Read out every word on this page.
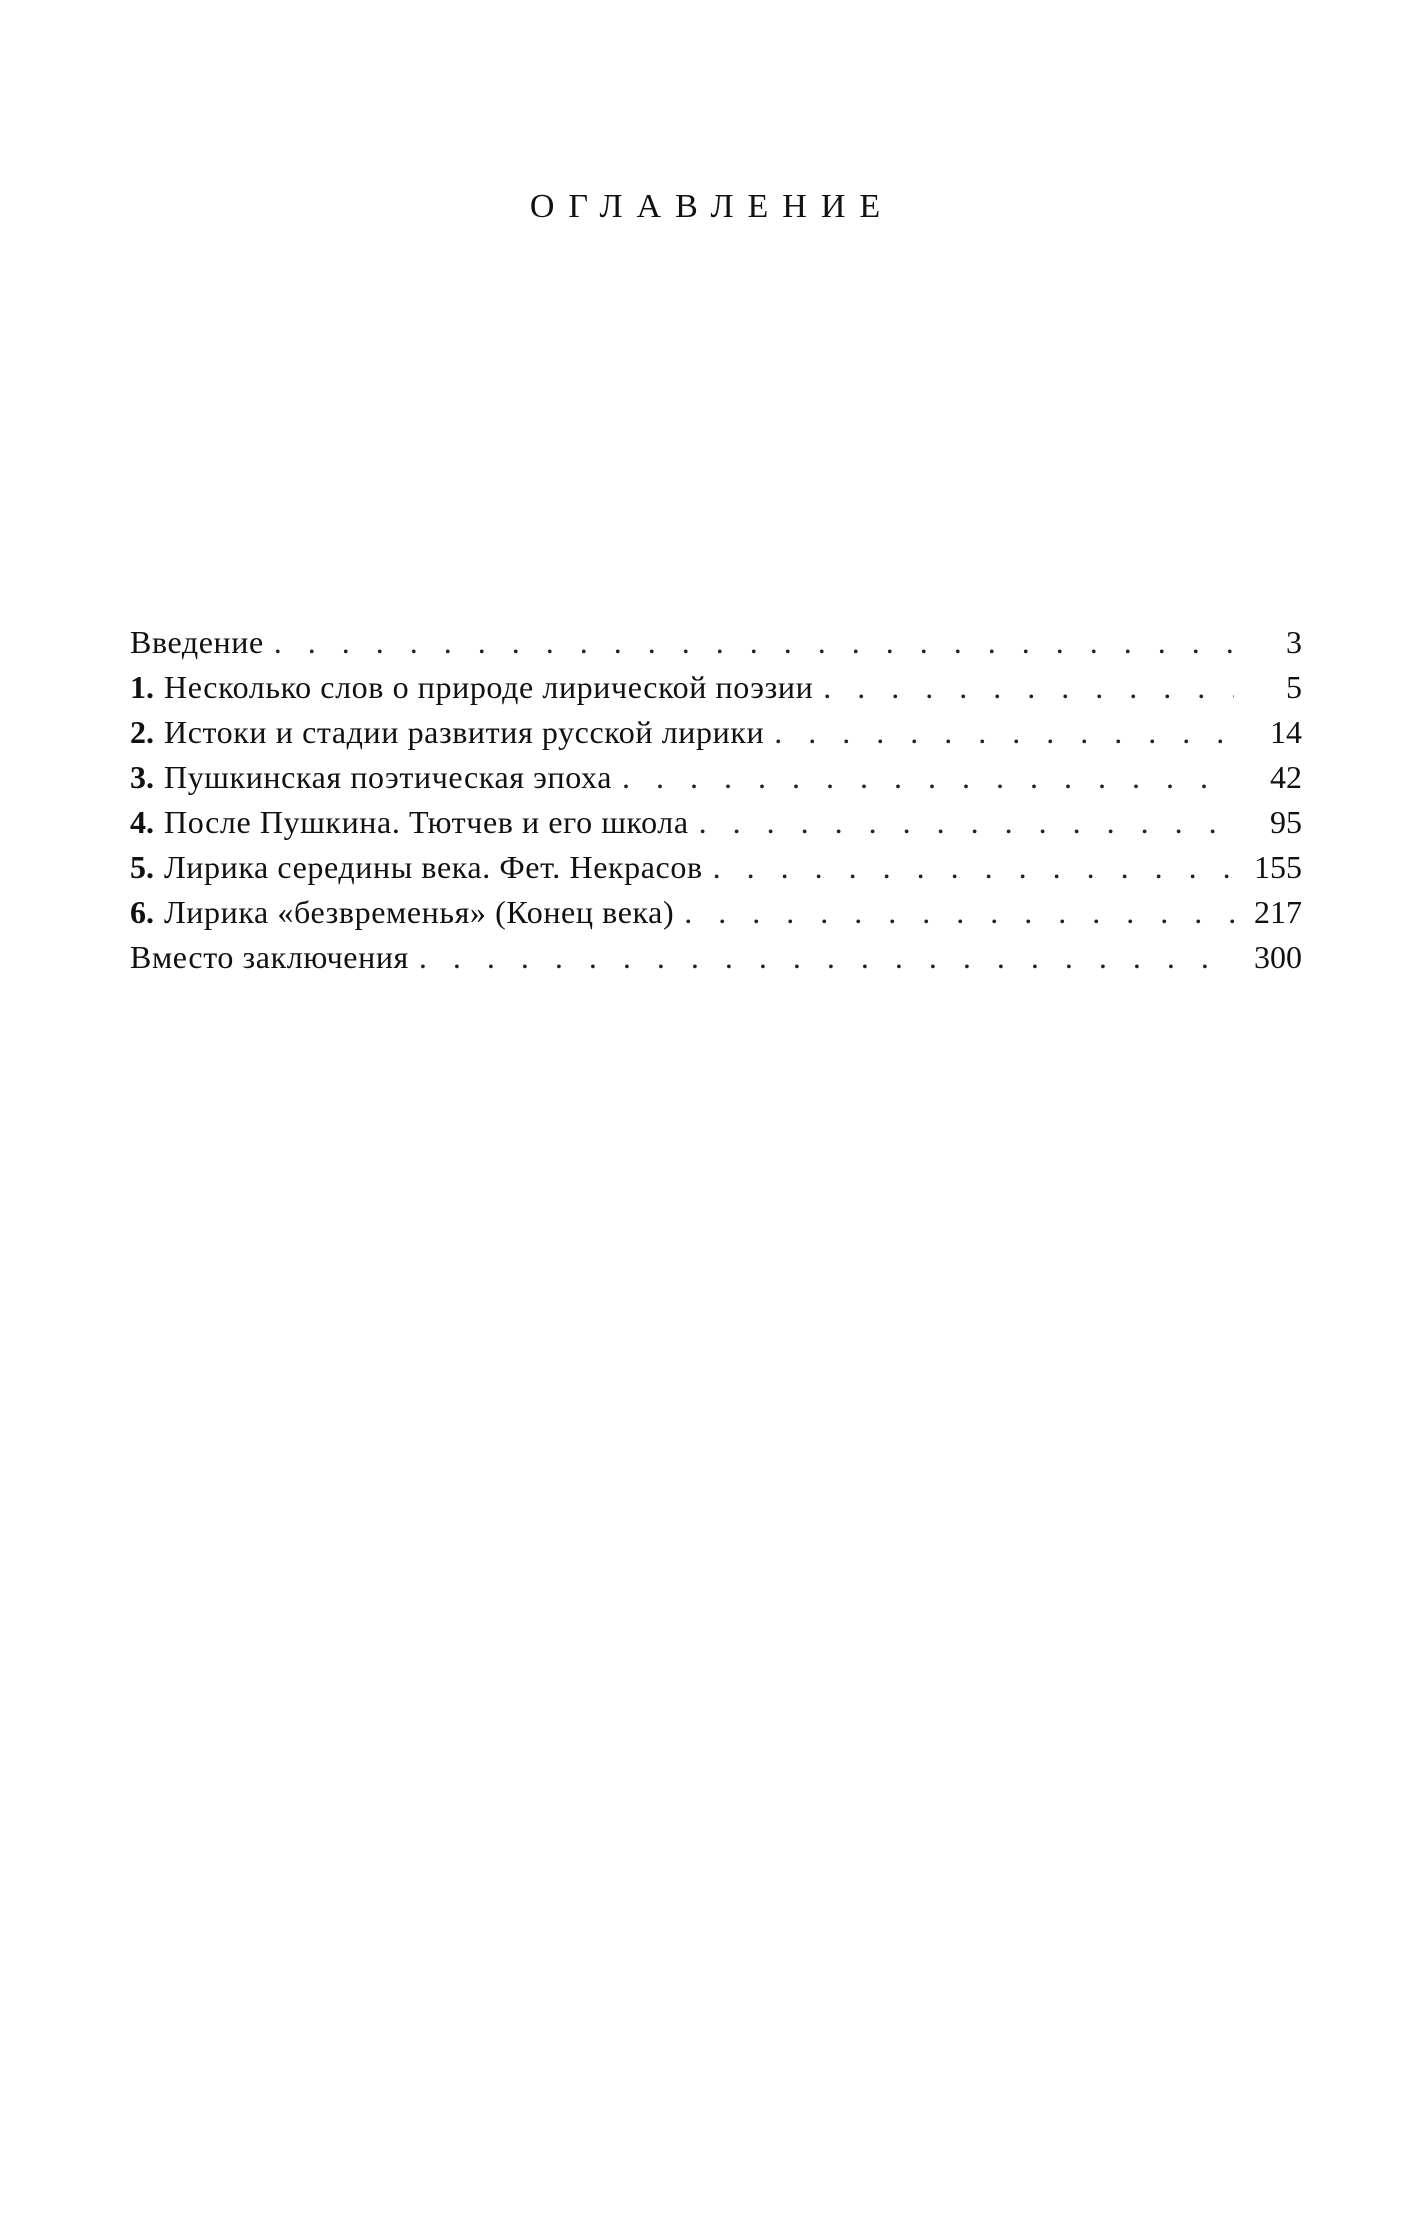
ОГЛАВЛЕНИЕ
Введение . . .	3
1. Несколько слов о природе лирической поэзии . . .	5
2. Истоки и стадии развития русской лирики . . .	14
3. Пушкинская поэтическая эпоха . . .	42
4. После Пушкина. Тютчев и его школа . . .	95
5. Лирика середины века. Фет. Некрасов . . .	155
6. Лирика «безвременья» (Конец века) . . .	217
Вместо заключения . . .	300
